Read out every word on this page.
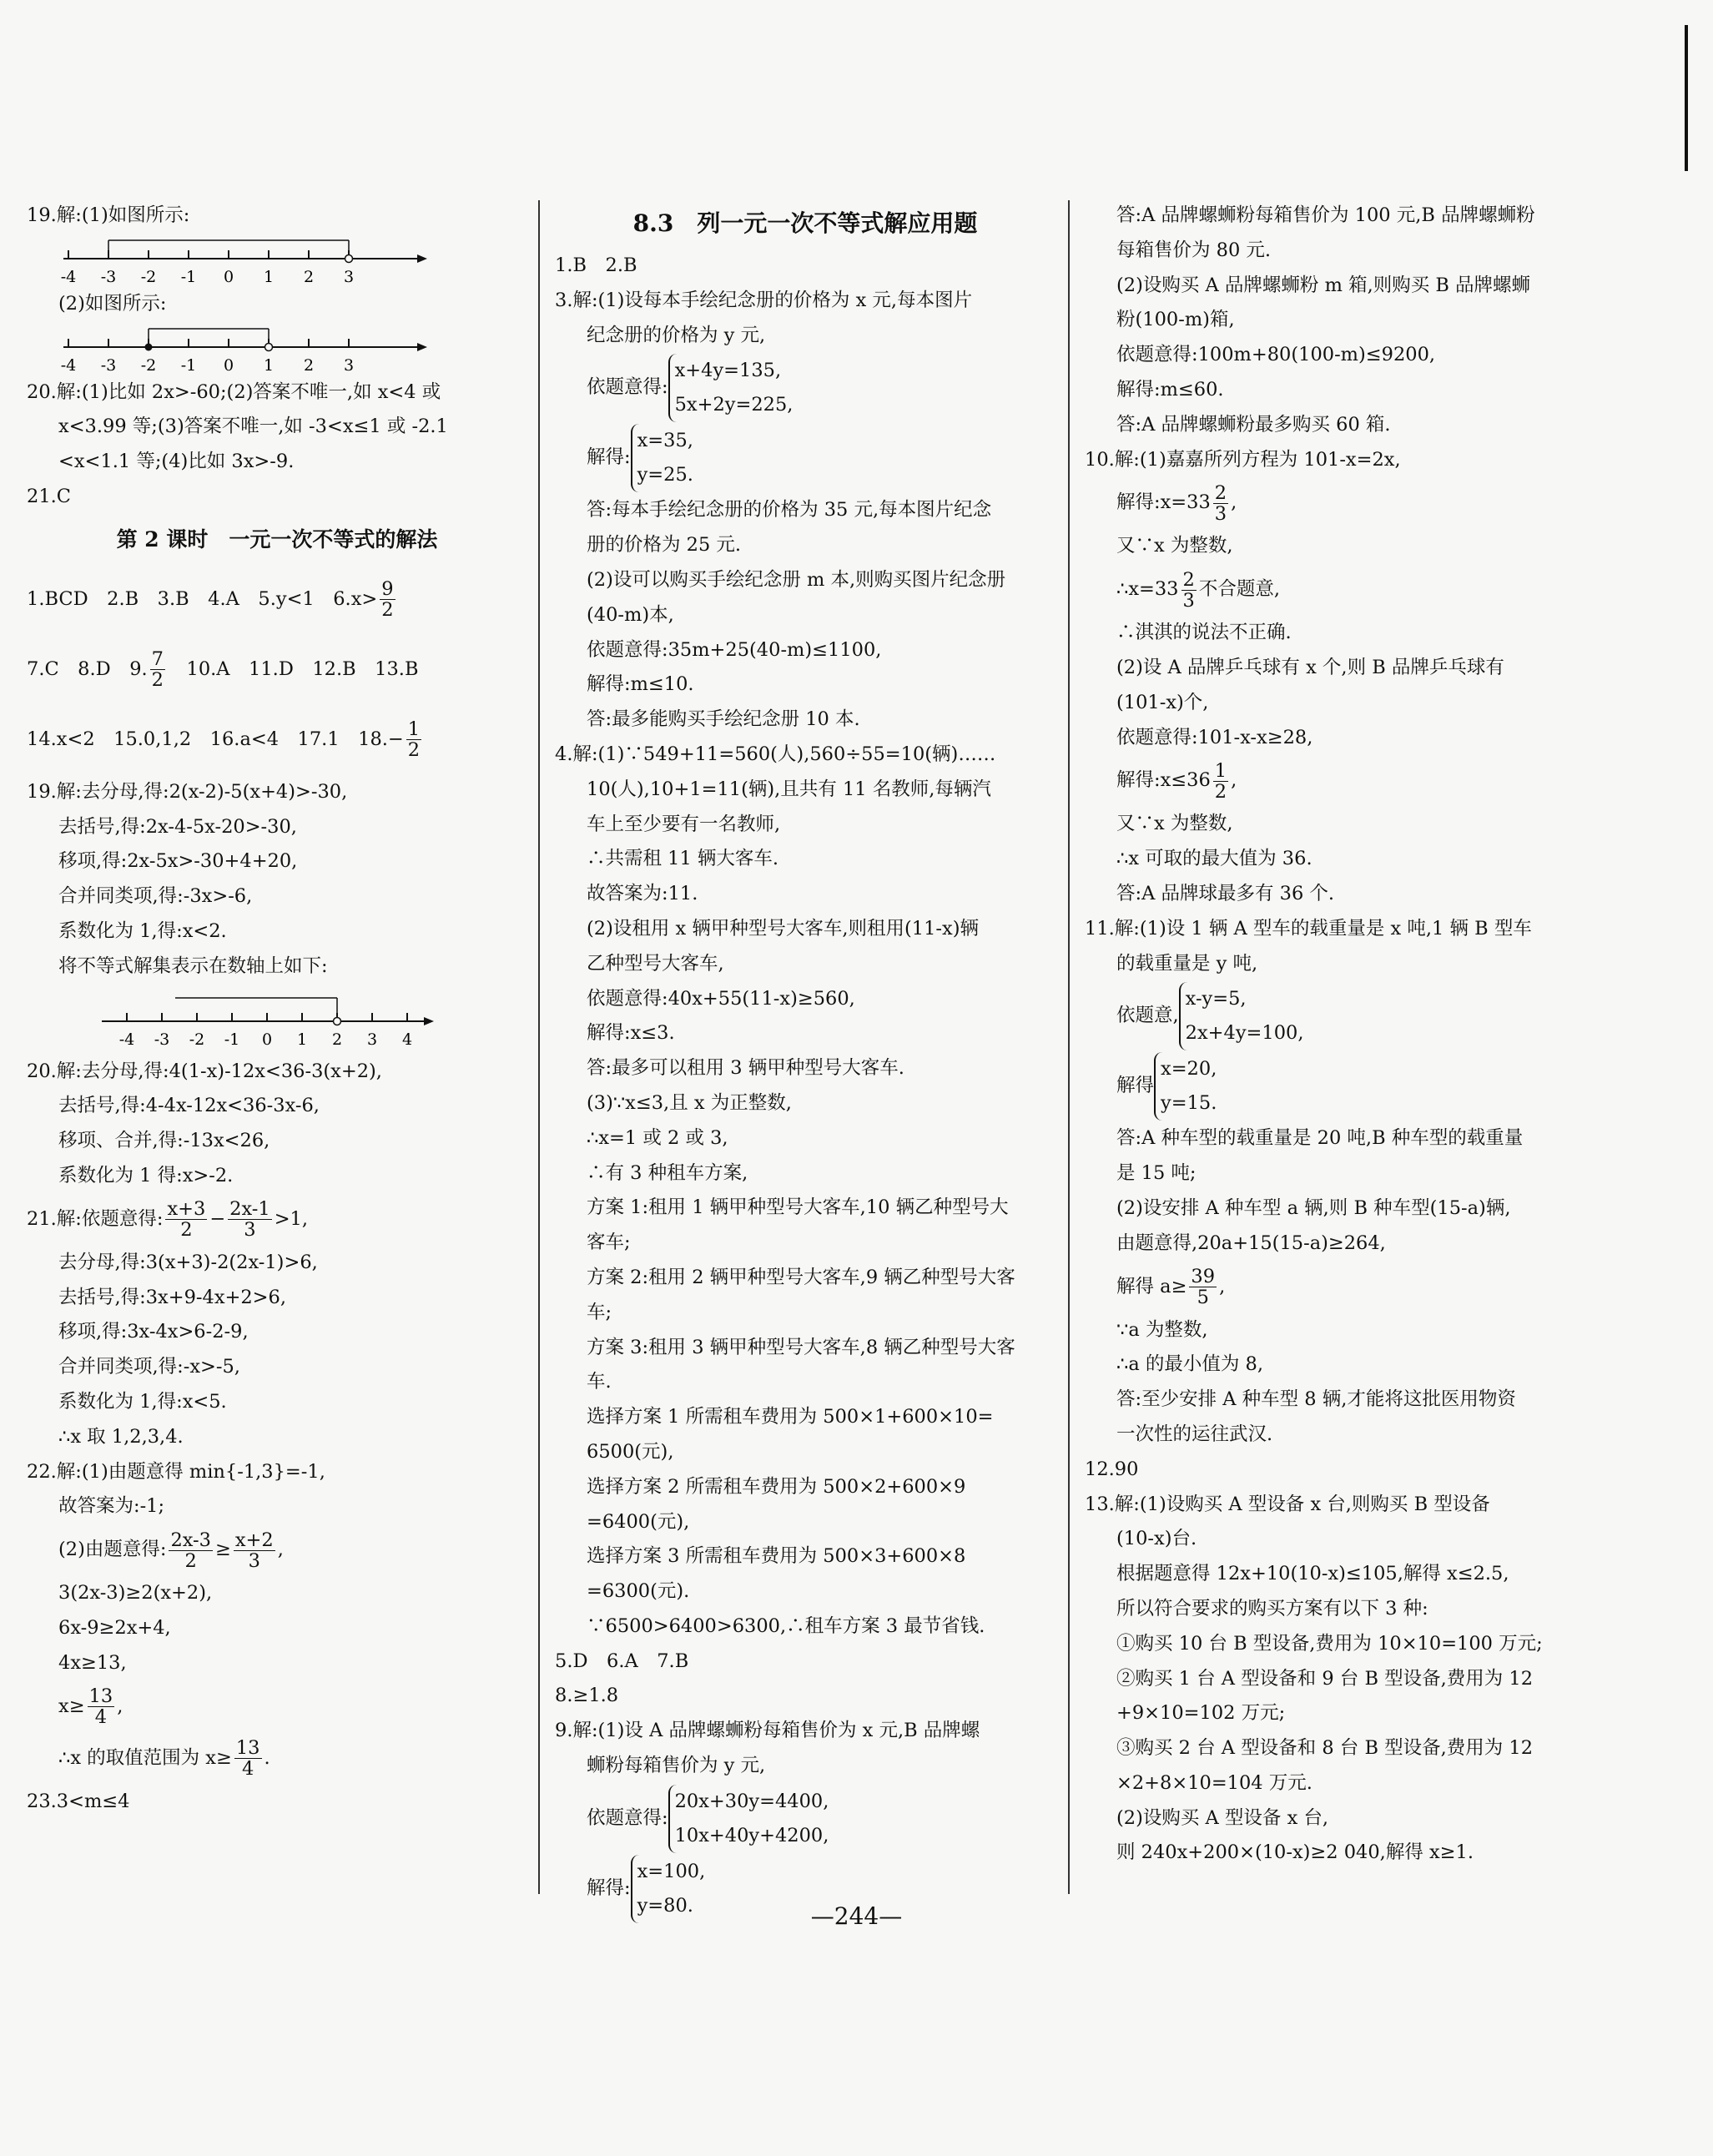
19.解:(1)如图所示:
-4 -3 -2 -1 0 1 2 3
(2)如图所示:
-4 -3 -2 -1 0 1 2 3
20.解:(1)比如 2x>-60;(2)答案不唯一,如 x<4 或
x<3.99 等;(3)答案不唯一,如 -3<x≤1 或 -2.1
<x<1.1 等;(4)比如 3x>-9.
21.C
第 2 课时　一元一次不等式的解法
1.BCD　2.B　3.B　4.A　5.y<1　$6.x> \frac{9}{2}$
7.C　8.D　9. $\frac{7}{2}$ 　10.A　11.D　12.B　13.B
14.x<2　15.0,1,2　16.a<4　17.1　$18.- \frac{1}{2}$
19.解:去分母,得:2(x-2)-5(x+4)>-30,
去括号,得:2x-4-5x-20>-30,
移项,得:2x-5x>-30+4+20,
合并同类项,得:-3x>-6,
系数化为 1,得:x<2.
将不等式解集表示在数轴上如下:
-4 -3 -2 -1 0 1 2 3 4
20.解:去分母,得:4(1-x)-12x<36-3(x+2),
去括号,得:4-4x-12x<36-3x-6,
移项、合并,得:-13x<26,
系数化为 1 得:x>-2.
21.解:依题意得: $\frac{x+3}{2} - \frac{2x-1}{3} >1$,
去分母,得:3(x+3)-2(2x-1)>6,
去括号,得:3x+9-4x+2>6,
移项,得:3x-4x>6-2-9,
合并同类项,得:-x>-5,
系数化为 1,得:x<5.
∴x 取 1,2,3,4.
22.解:(1)由题意得 min{-1,3}=-1,
故答案为:-1;
(2)由题意得: $\frac{2x-3}{2} \ge \frac{x+2}{3}$ ,
3(2x-3)≥2(x+2),
6x-9≥2x+4,
4x≥13,
$x\ge \frac{13}{4}$ ,
∴x 的取值范围为 $x\ge \frac{13}{4}$ .
23.3<m≤4
8.3　列一元一次不等式解应用题
1.B　2.B
3.解:(1)设每本手绘纪念册的价格为 x 元,每本图片
纪念册的价格为 y 元,
依题意得:
x+4y=135,
5x+2y=225,
解得:
x=35,
y=25.
答:每本手绘纪念册的价格为 35 元,每本图片纪念
册的价格为 25 元.
(2)设可以购买手绘纪念册 m 本,则购买图片纪念册
(40-m)本,
依题意得:35m+25(40-m)≤1100,
解得:m≤10.
答:最多能购买手绘纪念册 10 本.
4.解:(1)∵549+11=560(人),560÷55=10(辆)……
10(人),10+1=11(辆),且共有 11 名教师,每辆汽
车上至少要有一名教师,
∴共需租 11 辆大客车.
故答案为:11.
(2)设租用 x 辆甲种型号大客车,则租用(11-x)辆
乙种型号大客车,
依题意得:40x+55(11-x)≥560,
解得:x≤3.
答:最多可以租用 3 辆甲种型号大客车.
(3)∵x≤3,且 x 为正整数,
∴x=1 或 2 或 3,
∴有 3 种租车方案,
方案 1:租用 1 辆甲种型号大客车,10 辆乙种型号大
客车;
方案 2:租用 2 辆甲种型号大客车,9 辆乙种型号大客
车;
方案 3:租用 3 辆甲种型号大客车,8 辆乙种型号大客
车.
选择方案 1 所需租车费用为 500×1+600×10=
6500(元),
选择方案 2 所需租车费用为 500×2+600×9
=6400(元),
选择方案 3 所需租车费用为 500×3+600×8
=6300(元).
∵6500>6400>6300,∴租车方案 3 最节省钱.
5.D　6.A　7.B
8.≥1.8
9.解:(1)设 A 品牌螺蛳粉每箱售价为 x 元,B 品牌螺
蛳粉每箱售价为 y 元,
依题意得:
20x+30y=4400,
10x+40y+4200,
解得:
x=100,
y=80.
答:A 品牌螺蛳粉每箱售价为 100 元,B 品牌螺蛳粉
每箱售价为 80 元.
(2)设购买 A 品牌螺蛳粉 m 箱,则购买 B 品牌螺蛳
粉(100-m)箱,
依题意得:100m+80(100-m)≤9200,
解得:m≤60.
答:A 品牌螺蛳粉最多购买 60 箱.
10.解:(1)嘉嘉所列方程为 101-x=2x,
解得:x=33 $\frac{2}{3}$ ,
又∵x 为整数,
∴x=33 $\frac{2}{3}$ 不合题意,
∴淇淇的说法不正确.
(2)设 A 品牌乒乓球有 x 个,则 B 品牌乒乓球有
(101-x)个,
依题意得:101-x-x≥28,
解得:x≤36 $\frac{1}{2}$ ,
又∵x 为整数,
∴x 可取的最大值为 36.
答:A 品牌球最多有 36 个.
11.解:(1)设 1 辆 A 型车的载重量是 x 吨,1 辆 B 型车
的载重量是 y 吨,
依题意,
x-y=5,
2x+4y=100,
解得
x=20,
y=15.
答:A 种车型的载重量是 20 吨,B 种车型的载重量
是 15 吨;
(2)设安排 A 种车型 a 辆,则 B 种车型(15-a)辆,
由题意得,20a+15(15-a)≥264,
解得 $a\ge \frac{39}{5}$ ,
∵a 为整数,
∴a 的最小值为 8,
答:至少安排 A 种车型 8 辆,才能将这批医用物资
一次性的运往武汉.
12.90
13.解:(1)设购买 A 型设备 x 台,则购买 B 型设备
(10-x)台.
根据题意得 12x+10(10-x)≤105,解得 x≤2.5,
所以符合要求的购买方案有以下 3 种:
①购买 10 台 B 型设备,费用为 10×10=100 万元;
②购买 1 台 A 型设备和 9 台 B 型设备,费用为 12
+9×10=102 万元;
③购买 2 台 A 型设备和 8 台 B 型设备,费用为 12
×2+8×10=104 万元.
(2)设购买 A 型设备 x 台,
则 240x+200×(10-x)≥2 040,解得 x≥1.
—244—
